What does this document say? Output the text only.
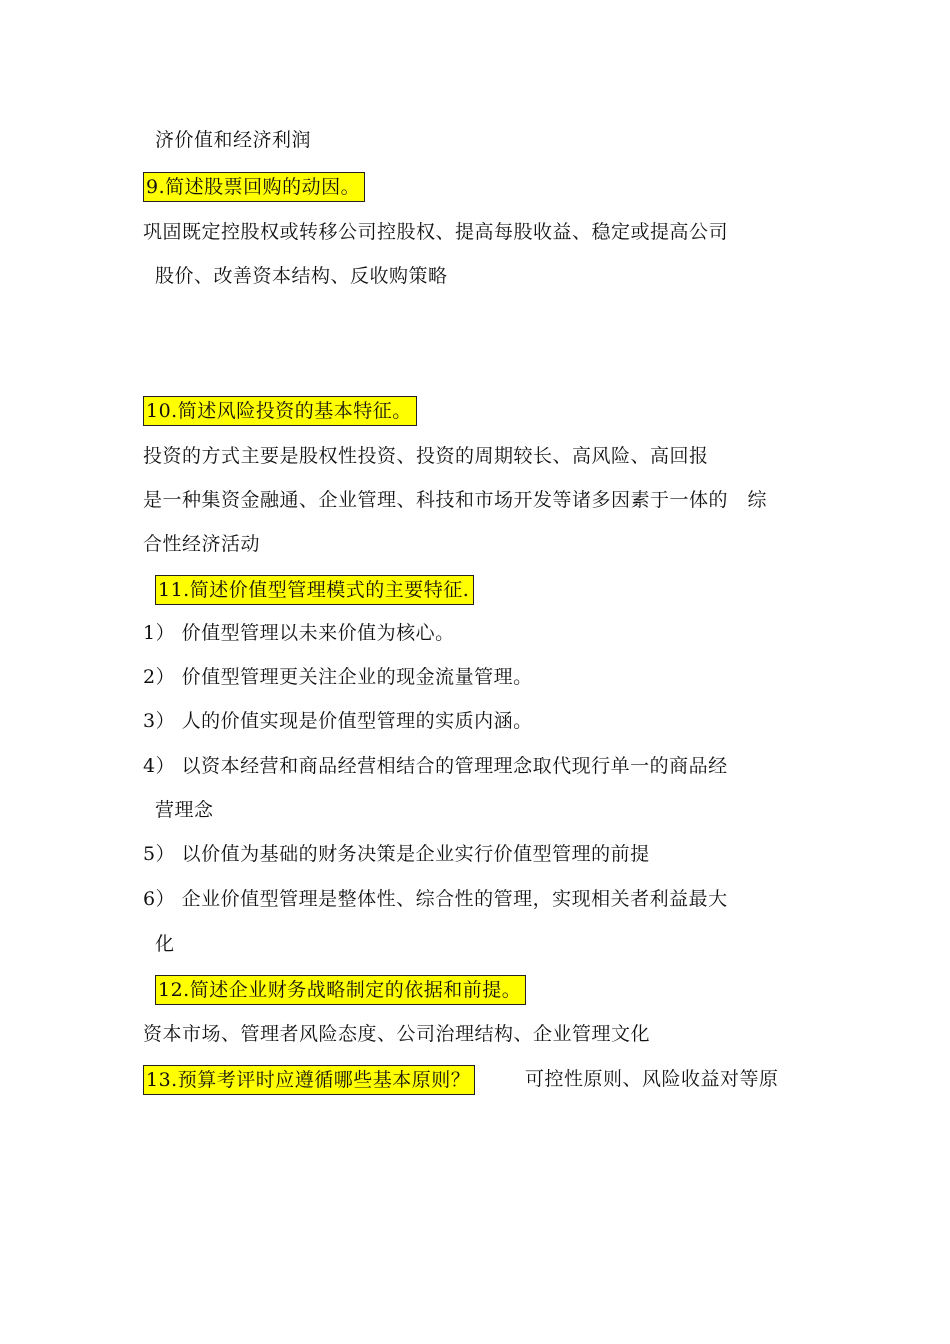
济价值和经济利润
9.简述股票回购的动因。
巩固既定控股权或转移公司控股权、提高每股收益、稳定或提高公司
股价、改善资本结构、反收购策略
10.简述风险投资的基本特征。
投资的方式主要是股权性投资、投资的周期较长、高风险、高回报
是一种集资金融通、企业管理、科技和市场开发等诸多因素于一体的　综
合性经济活动
11.简述价值型管理模式的主要特征.
1） 价值型管理以未来价值为核心。
2） 价值型管理更关注企业的现金流量管理。
3） 人的价值实现是价值型管理的实质内涵。
4） 以资本经营和商品经营相结合的管理理念取代现行单一的商品经
营理念
5） 以价值为基础的财务决策是企业实行价值型管理的前提
6） 企业价值型管理是整体性、综合性的管理，实现相关者利益最大
化
12.简述企业财务战略制定的依据和前提。
资本市场、管理者风险态度、公司治理结构、企业管理文化
13.预算考评时应遵循哪些基本原则？	可控性原则、风险收益对等原
